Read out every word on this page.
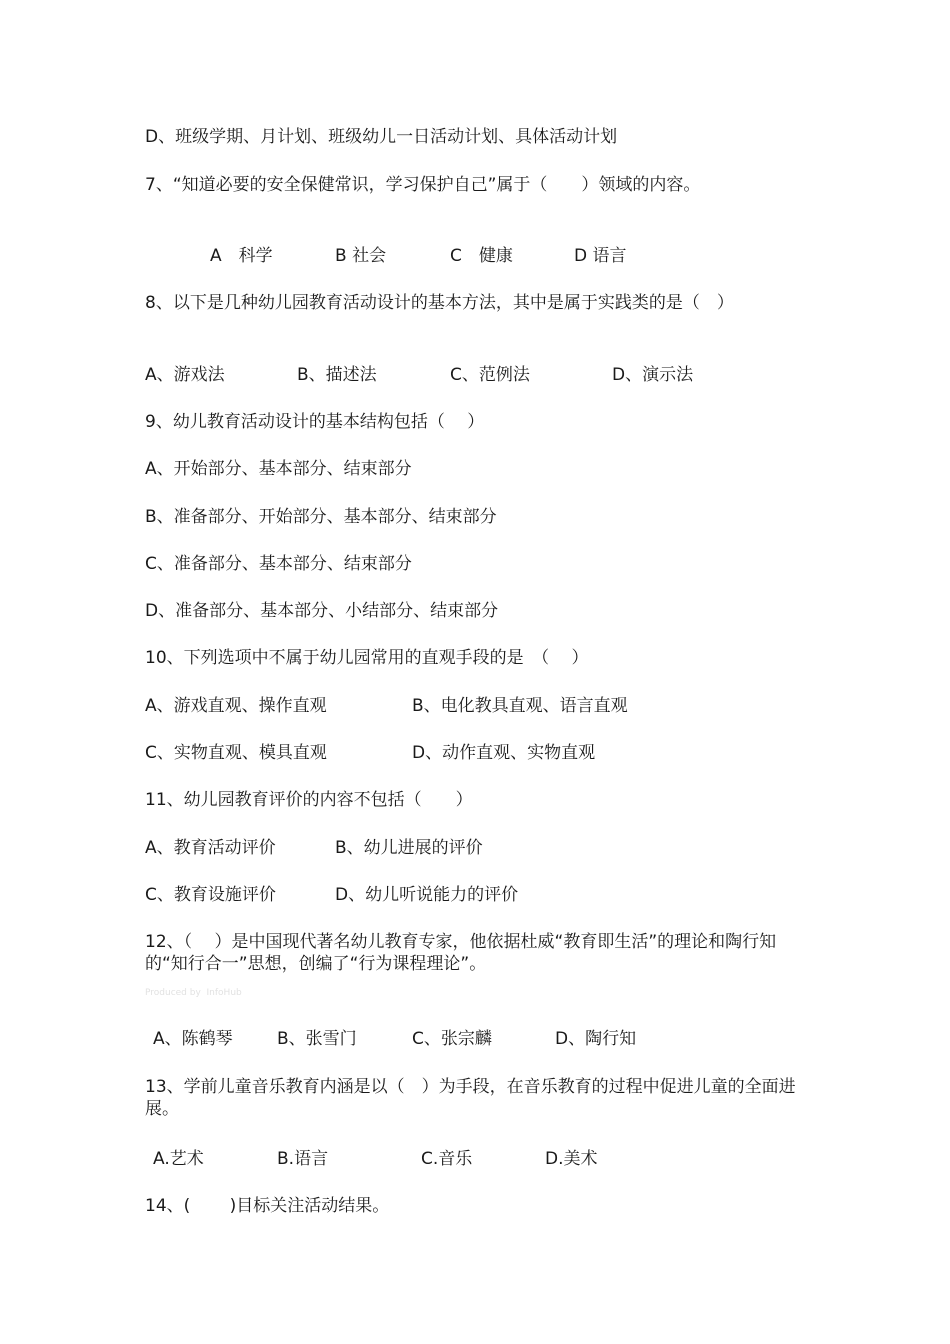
D、班级学期、月计划、班级幼儿一日活动计划、具体活动计划
7、“知道必要的安全保健常识，学习保护自己”属于（　　）领域的内容。
A　科学	B 社会	C　健康	D 语言
8、以下是几种幼儿园教育活动设计的基本方法，其中是属于实践类的是（　）
A、游戏法	B、描述法	C、范例法	D、演示法
9、幼儿教育活动设计的基本结构包括（　 ）
A、开始部分、基本部分、结束部分
B、准备部分、开始部分、基本部分、结束部分
C、准备部分、基本部分、结束部分
D、准备部分、基本部分、小结部分、结束部分
10、下列选项中不属于幼儿园常用的直观手段的是　（　 ）
A、游戏直观、操作直观	B、电化教具直观、语言直观
C、实物直观、模具直观	D、动作直观、实物直观
11、幼儿园教育评价的内容不包括（　　）
A、教育活动评价	B、幼儿进展的评价
C、教育设施评价	D、幼儿听说能力的评价
12、（　 ）是中国现代著名幼儿教育专家，他依据杜威“教育即生活”的理论和陶行知的“知行合一”思想，创编了“行为课程理论”。
Produced by  InfoHub
A、陈鹤琴	B、张雪门	C、张宗麟	D、陶行知
13、学前儿童音乐教育内涵是以（　）为手段，在音乐教育的过程中促进儿童的全面进展。
A.艺术	B.语言	C.音乐	D.美术
14、(　　 )目标关注活动结果。
